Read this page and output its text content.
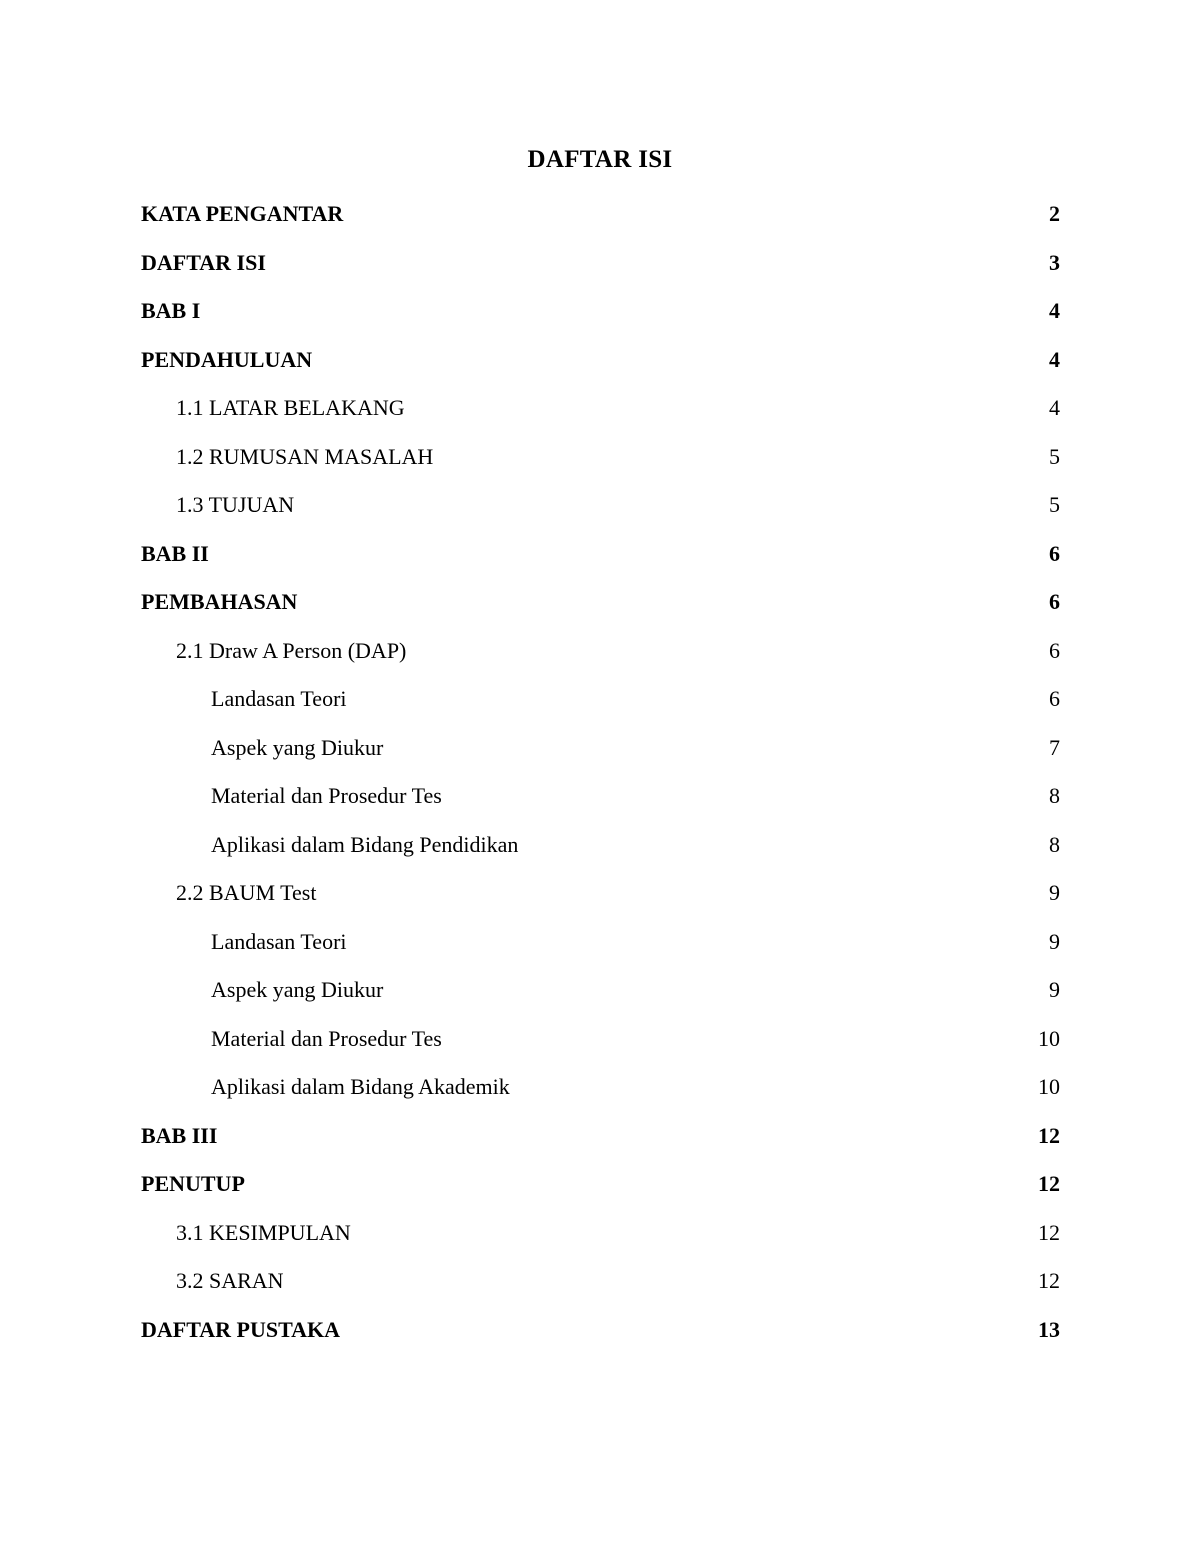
DAFTAR ISI
KATA PENGANTAR	2
DAFTAR ISI	3
BAB I	4
PENDAHULUAN	4
1.1 LATAR BELAKANG	4
1.2 RUMUSAN MASALAH	5
1.3 TUJUAN	5
BAB II	6
PEMBAHASAN	6
2.1 Draw A Person (DAP)	6
Landasan Teori	6
Aspek yang Diukur	7
Material dan Prosedur Tes	8
Aplikasi dalam Bidang Pendidikan	8
2.2 BAUM Test	9
Landasan Teori	9
Aspek yang Diukur	9
Material dan Prosedur Tes	10
Aplikasi dalam Bidang Akademik	10
BAB III	12
PENUTUP	12
3.1 KESIMPULAN	12
3.2 SARAN	12
DAFTAR PUSTAKA	13
